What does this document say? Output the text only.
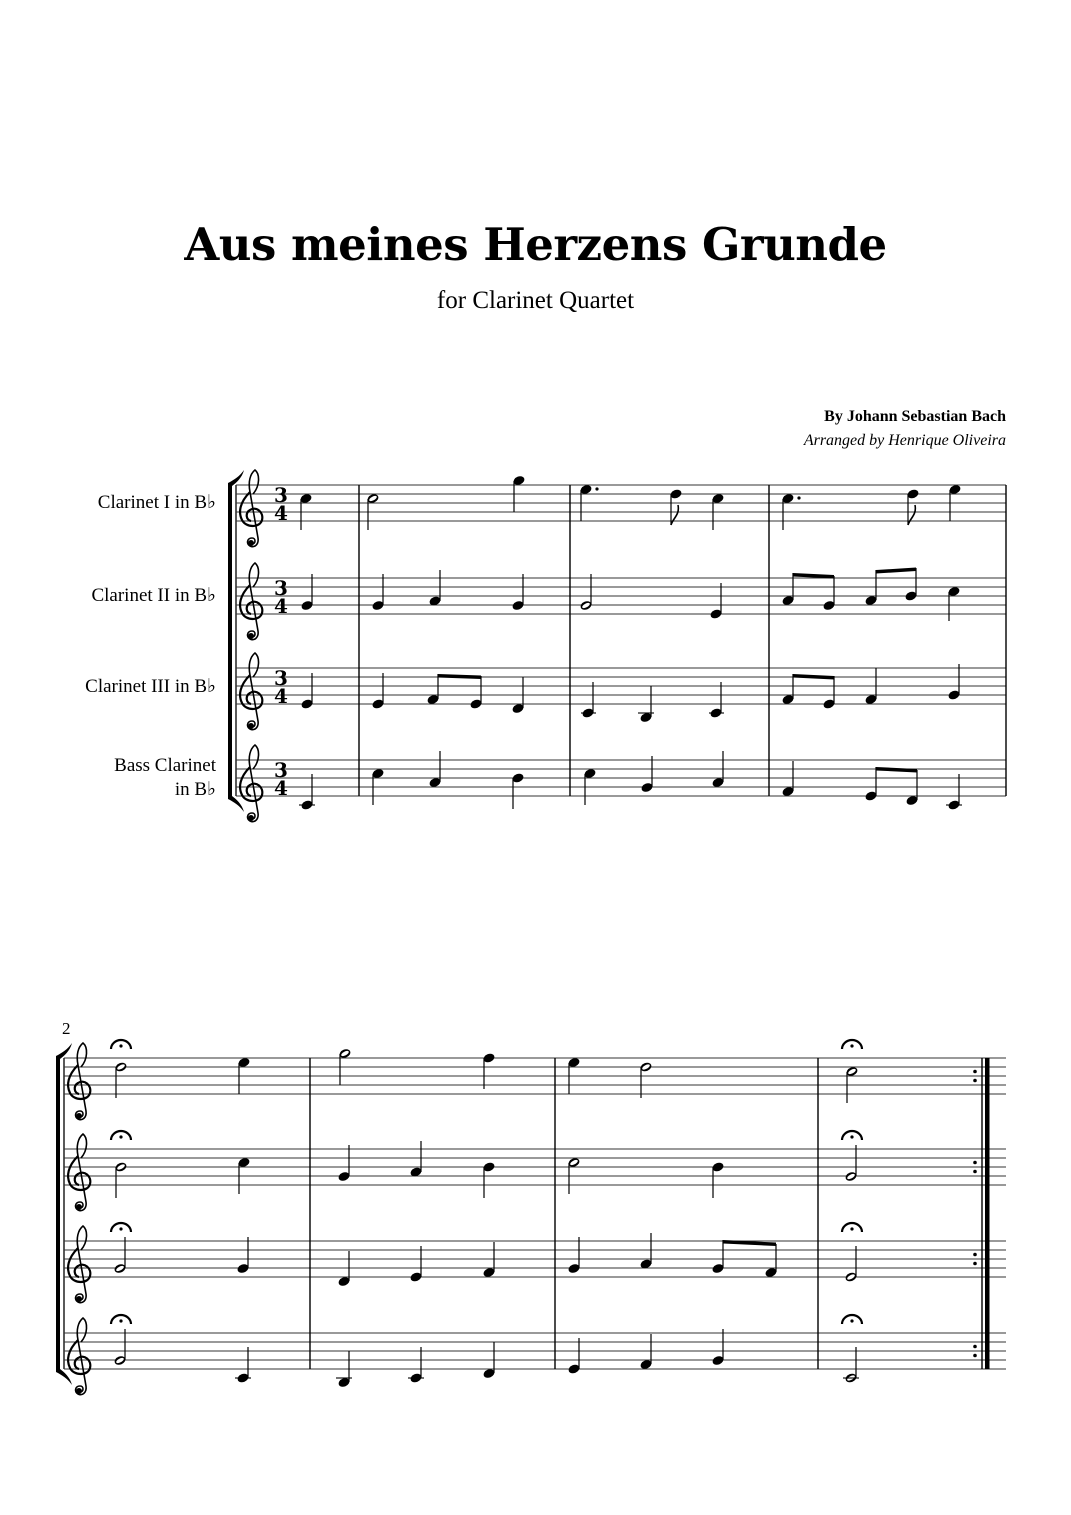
Aus meines Herzens Grunde
for Clarinet Quartet
By Johann Sebastian Bach
Arranged by Henrique Oliveira
Clarinet I in B♭
Clarinet II in B♭
Clarinet III in B♭
Bass Clarinet
in B♭
2
3
4
3
4
3
4
3
4
